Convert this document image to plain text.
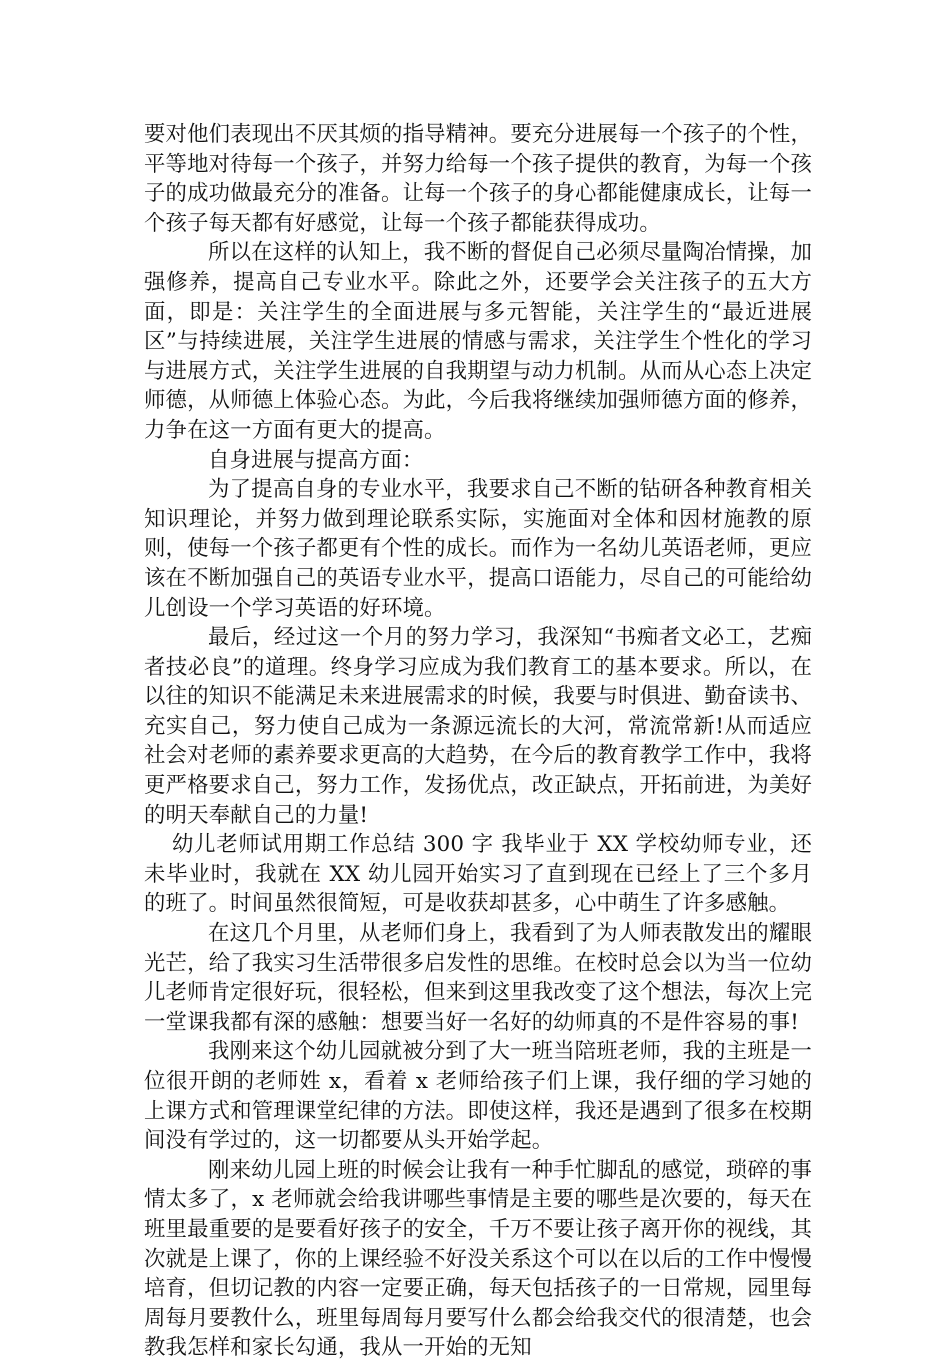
要对他们表现出不厌其烦的指导精神。要充分进展每一个孩子的个性，平等地对待每一个孩子，并努力给每一个孩子提供的教育，为每一个孩子的成功做最充分的准备。让每一个孩子的身心都能健康成长，让每一个孩子每天都有好感觉，让每一个孩子都能获得成功。

所以在这样的认知上，我不断的督促自己必须尽量陶冶情操，加强修养，提高自己专业水平。除此之外，还要学会关注孩子的五大方面，即是：关注学生的全面进展与多元智能，关注学生的“最近进展区”与持续进展，关注学生进展的情感与需求，关注学生个性化的学习与进展方式，关注学生进展的自我期望与动力机制。从而从心态上决定师德，从师德上体验心态。为此，今后我将继续加强师德方面的修养，力争在这一方面有更大的提高。

自身进展与提高方面：

为了提高自身的专业水平，我要求自己不断的钻研各种教育相关知识理论，并努力做到理论联系实际，实施面对全体和因材施教的原则，使每一个孩子都更有个性的成长。而作为一名幼儿英语老师，更应该在不断加强自己的英语专业水平，提高口语能力，尽自己的可能给幼儿创设一个学习英语的好环境。

最后，经过这一个月的努力学习，我深知“书痴者文必工，艺痴者技必良”的道理。终身学习应成为我们教育工的基本要求。所以，在以往的知识不能满足未来进展需求的时候，我要与时俱进、勤奋读书、充实自己，努力使自己成为一条源远流长的大河，常流常新!从而适应社会对老师的素养要求更高的大趋势，在今后的教育教学工作中，我将更严格要求自己，努力工作，发扬优点，改正缺点，开拓前进，为美好的明天奉献自己的力量!

幼儿老师试用期工作总结 300 字 我毕业于 XX 学校幼师专业，还未毕业时，我就在 XX 幼儿园开始实习了直到现在已经上了三个多月的班了。时间虽然很简短，可是收获却甚多，心中萌生了许多感触。

在这几个月里，从老师们身上，我看到了为人师表散发出的耀眼光芒，给了我实习生活带很多启发性的思维。在校时总会以为当一位幼儿老师肯定很好玩，很轻松，但来到这里我改变了这个想法，每次上完一堂课我都有深的感触：想要当好一名好的幼师真的不是件容易的事!

我刚来这个幼儿园就被分到了大一班当陪班老师，我的主班是一位很开朗的老师姓 x，看着 x 老师给孩子们上课，我仔细的学习她的上课方式和管理课堂纪律的方法。即使这样，我还是遇到了很多在校期间没有学过的，这一切都要从头开始学起。

刚来幼儿园上班的时候会让我有一种手忙脚乱的感觉，琐碎的事情太多了，x 老师就会给我讲哪些事情是主要的哪些是次要的，每天在班里最重要的是要看好孩子的安全，千万不要让孩子离开你的视线，其次就是上课了，你的上课经验不好没关系这个可以在以后的工作中慢慢培育，但切记教的内容一定要正确，每天包括孩子的一日常规，园里每周每月要教什么，班里每周每月要写什么都会给我交代的很清楚，也会教我怎样和家长勾通，我从一开始的无知
